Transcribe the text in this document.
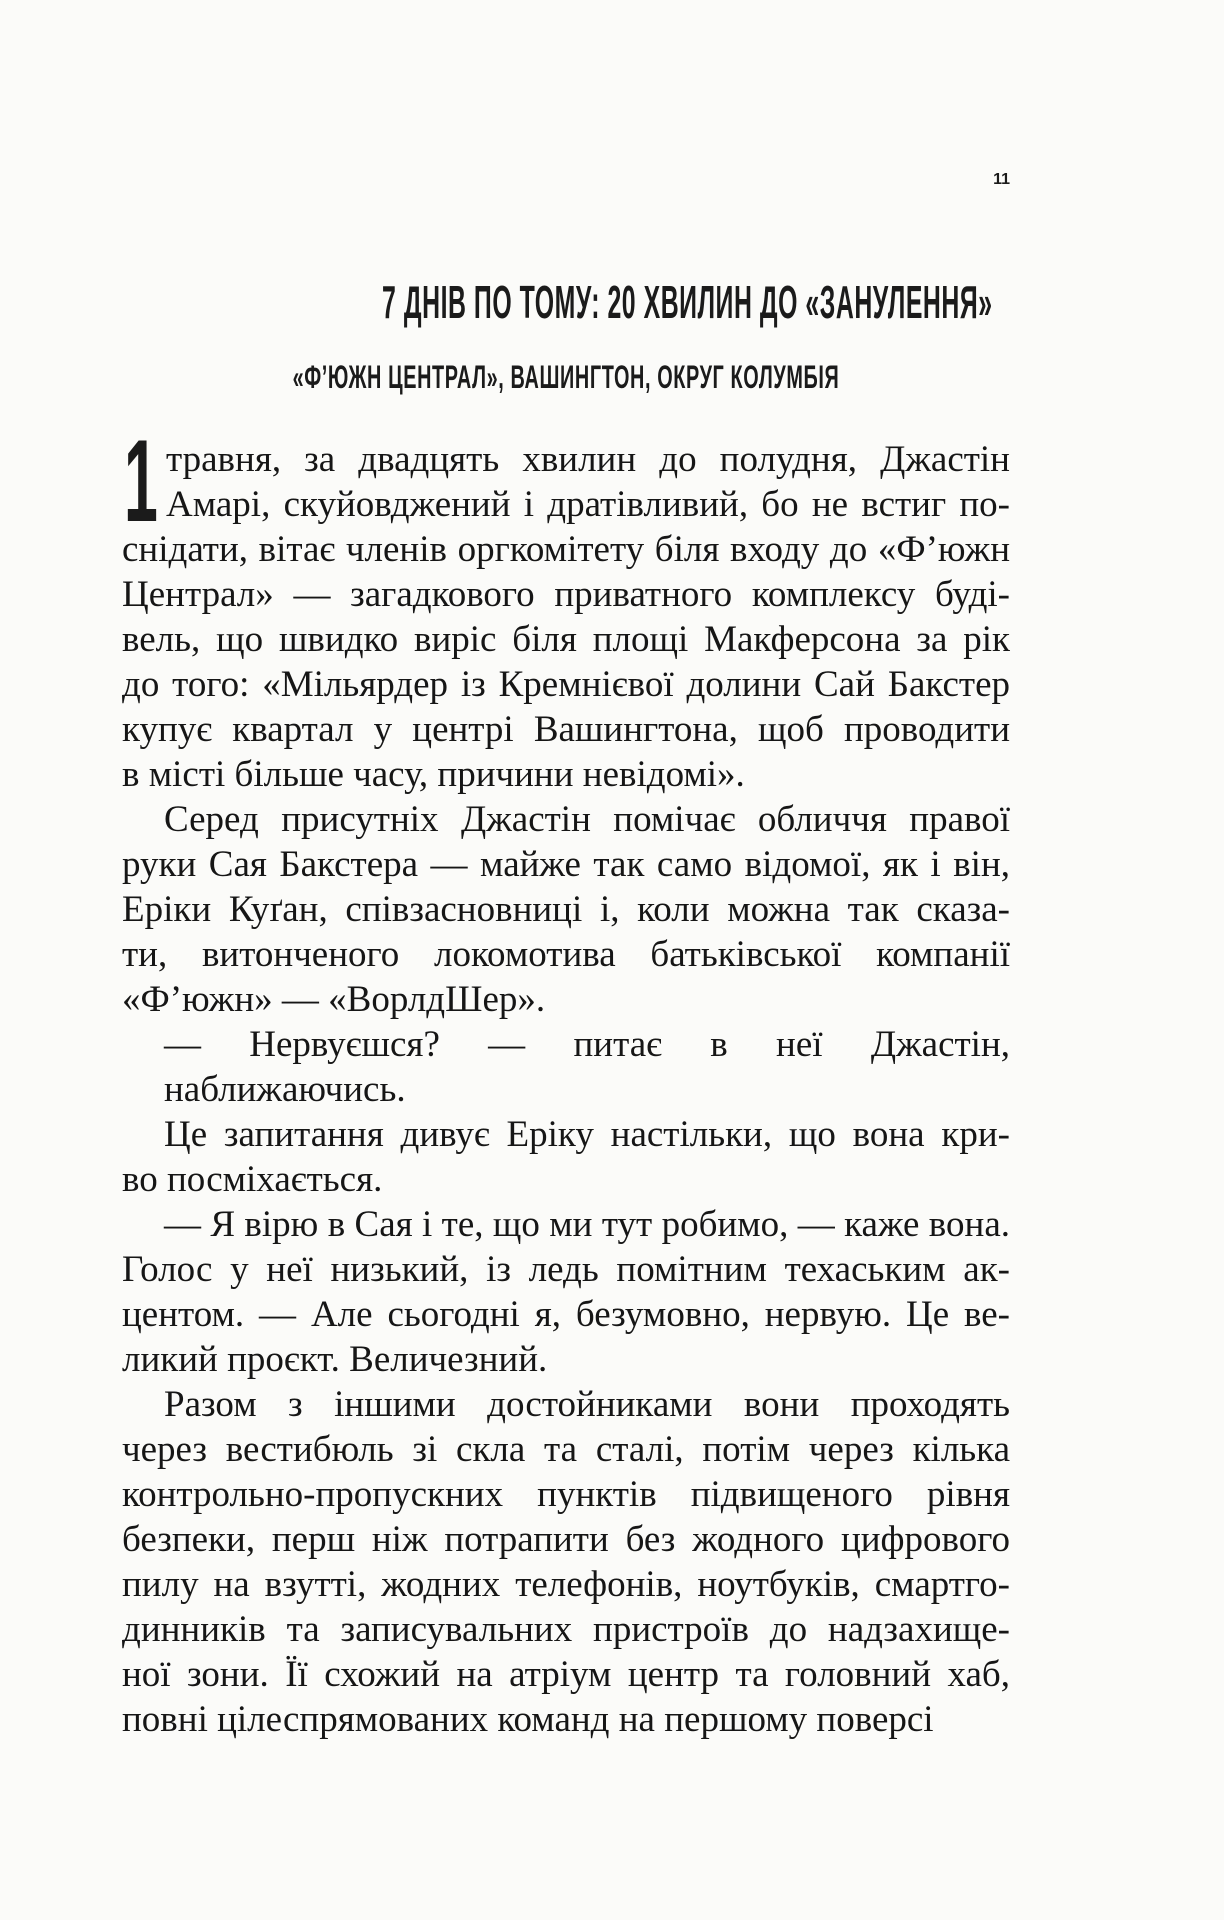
11
7 ДНІВ ПО ТОМУ: 20 ХВИЛИН ДО «ЗАНУЛЕННЯ»
«Ф’ЮЖН ЦЕНТРАЛ», ВАШИНГТОН, ОКРУГ КОЛУМБІЯ
1 травня, за двадцять хвилин до полудня, Джастін
Амарі, скуйовджений і дратівливий, бо не встиг по-
снідати, вітає членів оргкомітету біля входу до «Ф’южн
Централ» — загадкового приватного комплексу буді-
вель, що швидко виріс біля площі Макферсона за рік
до того: «Мільярдер із Кремнієвої долини Сай Бакстер
купує квартал у центрі Вашингтона, щоб проводити
в місті більше часу, причини невідомі».
Серед присутніх Джастін помічає обличчя правої
руки Сая Бакстера — майже так само відомої, як і він,
Еріки Куґан, співзасновниці і, коли можна так сказа-
ти, витонченого локомотива батьківської компанії
«Ф’южн» — «ВорлдШер».
— Нервуєшся? — питає в неї Джастін, наближаючись.
Це запитання дивує Еріку настільки, що вона кри-
во посміхається.
— Я вірю в Сая і те, що ми тут робимо, — каже вона.
Голос у неї низький, із ледь помітним техаським ак-
центом. — Але сьогодні я, безумовно, нервую. Це ве-
ликий проєкт. Величезний.
Разом з іншими достойниками вони проходять
через вестибюль зі скла та сталі, потім через кілька
контрольно-пропускних пунктів підвищеного рівня
безпеки, перш ніж потрапити без жодного цифрового
пилу на взутті, жодних телефонів, ноутбуків, смартго-
динників та записувальних пристроїв до надзахище-
ної зони. Її схожий на атріум центр та головний хаб,
повні цілеспрямованих команд на першому поверсі
